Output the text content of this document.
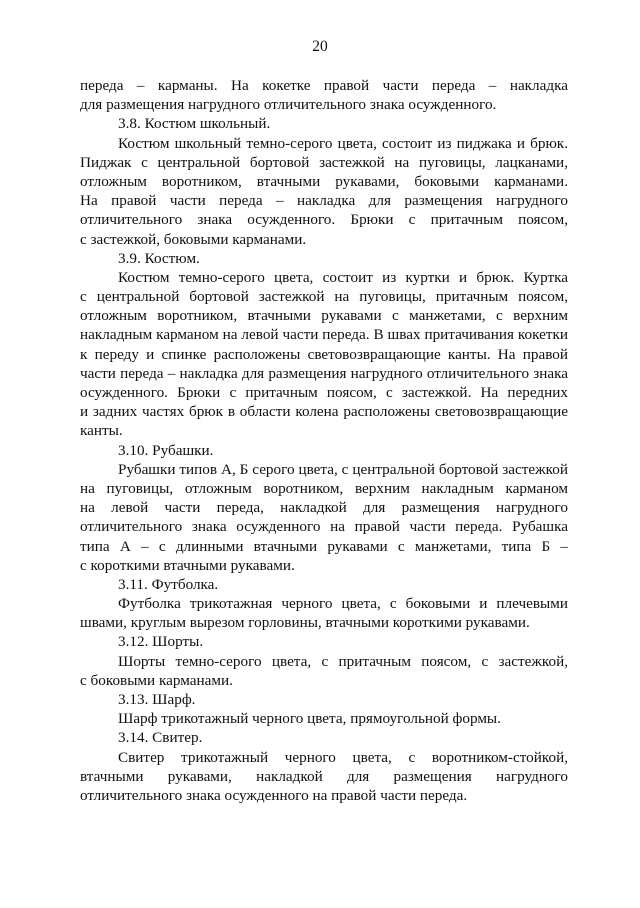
20
переда – карманы. На кокетке правой части переда – накладка
для размещения нагрудного отличительного знака осужденного.
3.8. Костюм школьный.
Костюм школьный темно-серого цвета, состоит из пиджака и брюк.
Пиджак с центральной бортовой застежкой на пуговицы, лацканами,
отложным воротником, втачными рукавами, боковыми карманами.
На правой части переда – накладка для размещения нагрудного
отличительного знака осужденного. Брюки с притачным поясом,
с застежкой, боковыми карманами.
3.9. Костюм.
Костюм темно-серого цвета, состоит из куртки и брюк. Куртка
с центральной бортовой застежкой на пуговицы, притачным поясом,
отложным воротником, втачными рукавами с манжетами, с верхним
накладным карманом на левой части переда. В швах притачивания кокетки
к переду и спинке расположены световозвращающие канты. На правой
части переда – накладка для размещения нагрудного отличительного знака
осужденного. Брюки с притачным поясом, с застежкой. На передних
и задних частях брюк в области колена расположены световозвращающие
канты.
3.10. Рубашки.
Рубашки типов А, Б серого цвета, с центральной бортовой застежкой
на пуговицы, отложным воротником, верхним накладным карманом
на левой части переда, накладкой для размещения нагрудного
отличительного знака осужденного на правой части переда. Рубашка
типа А – с длинными втачными рукавами с манжетами, типа Б –
с короткими втачными рукавами.
3.11. Футболка.
Футболка трикотажная черного цвета, с боковыми и плечевыми
швами, круглым вырезом горловины, втачными короткими рукавами.
3.12. Шорты.
Шорты темно-серого цвета, с притачным поясом, с застежкой,
с боковыми карманами.
3.13. Шарф.
Шарф трикотажный черного цвета, прямоугольной формы.
3.14. Свитер.
Свитер трикотажный черного цвета, с воротником-стойкой,
втачными рукавами, накладкой для размещения нагрудного
отличительного знака осужденного на правой части переда.
